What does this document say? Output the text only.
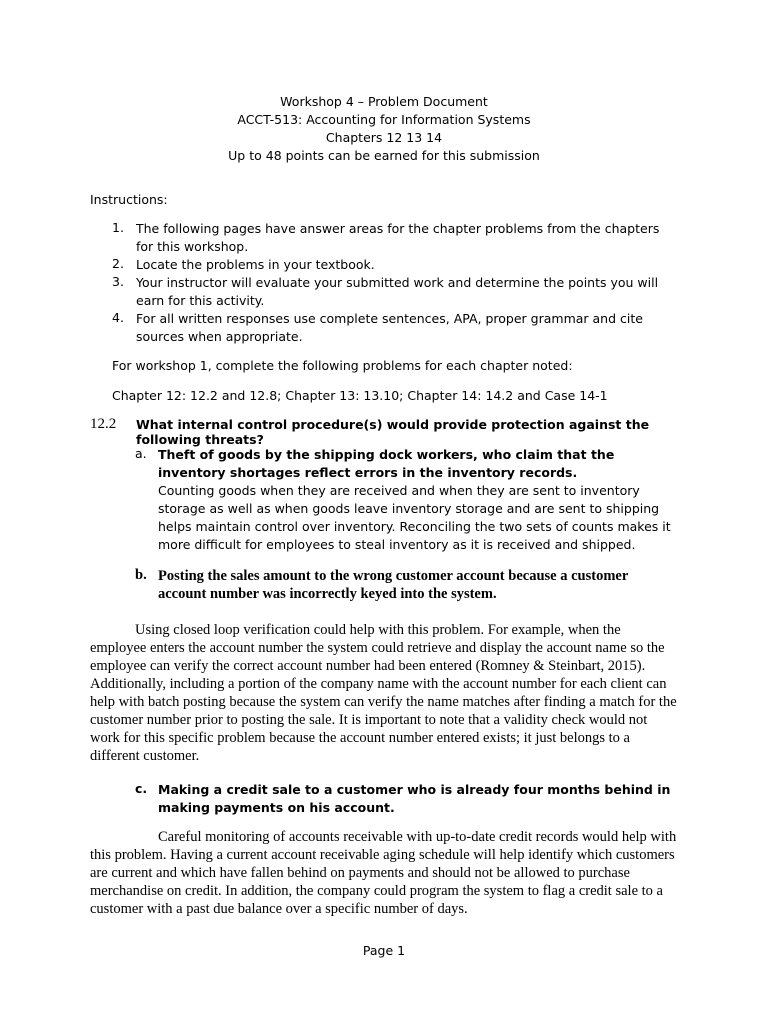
Workshop 4 – Problem Document
ACCT-513: Accounting for Information Systems
Chapters 12 13 14
Up to 48 points can be earned for this submission
Instructions:
1. The following pages have answer areas for the chapter problems from the chapters for this workshop.
2. Locate the problems in your textbook.
3. Your instructor will evaluate your submitted work and determine the points you will earn for this activity.
4. For all written responses use complete sentences, APA, proper grammar and cite sources when appropriate.
For workshop 1, complete the following problems for each chapter noted:
Chapter 12: 12.2 and 12.8; Chapter 13: 13.10; Chapter 14: 14.2 and Case 14-1
12.2 What internal control procedure(s) would provide protection against the following threats?
a. Theft of goods by the shipping dock workers, who claim that the inventory shortages reflect errors in the inventory records.
Counting goods when they are received and when they are sent to inventory storage as well as when goods leave inventory storage and are sent to shipping helps maintain control over inventory. Reconciling the two sets of counts makes it more difficult for employees to steal inventory as it is received and shipped.
b. Posting the sales amount to the wrong customer account because a customer account number was incorrectly keyed into the system.
Using closed loop verification could help with this problem. For example, when the employee enters the account number the system could retrieve and display the account name so the employee can verify the correct account number had been entered (Romney & Steinbart, 2015). Additionally, including a portion of the company name with the account number for each client can help with batch posting because the system can verify the name matches after finding a match for the customer number prior to posting the sale. It is important to note that a validity check would not work for this specific problem because the account number entered exists; it just belongs to a different customer.
c. Making a credit sale to a customer who is already four months behind in making payments on his account.
Careful monitoring of accounts receivable with up-to-date credit records would help with this problem. Having a current account receivable aging schedule will help identify which customers are current and which have fallen behind on payments and should not be allowed to purchase merchandise on credit. In addition, the company could program the system to flag a credit sale to a customer with a past due balance over a specific number of days.
Page 1
